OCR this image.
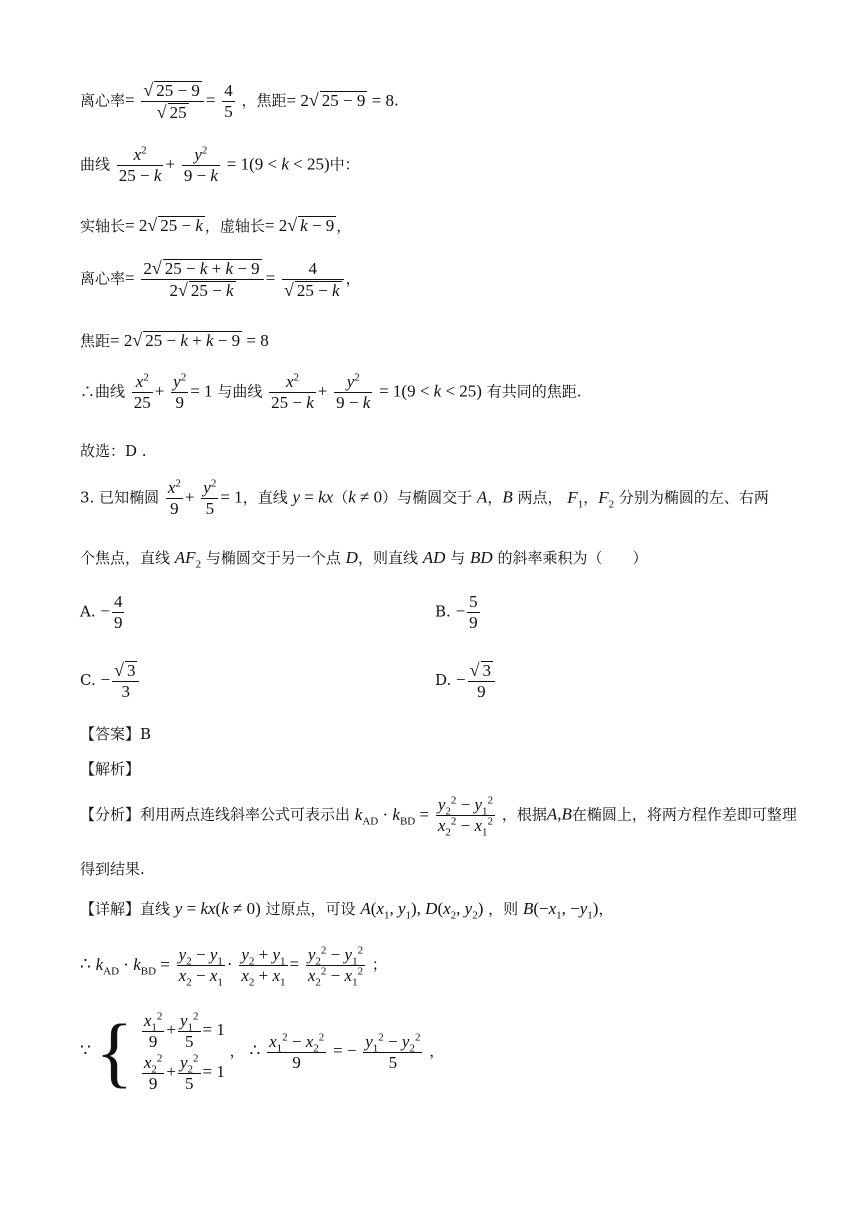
离心率= $\frac{√ 25 - 9}{√ 25} = \frac{4}{5}$ ，焦距= 2√ 25 − 9 = 8.
曲线 $\frac{x^2}{25 - k} + \frac{y^2}{9 - k} = 1(9 < k < 25)$中：
实轴长= 2√ 25 − k ，虚轴长= 2√ k − 9 ，
离心率= $\frac{2√ 25 - k + k - 9}{2√ 25 - k} = \frac{4}{√ 25 - k}$ ，
焦距= 2√ 25 − k + k − 9 = 8
∴曲线 $\frac{x^2}{25} + \frac{y^2}{9} = 1$ 与曲线 $\frac{x^2}{25 - k} + \frac{y^2}{9 - k} = 1(9 < k < 25)$ 有共同的焦距.
故选：D .
3. 已知椭圆 $\frac{x^2}{9} + \frac{y^2}{5} = 1$，直线 y = kx（k ≠ 0）与椭圆交于 A，B 两点， $F_1$，$F_2$ 分别为椭圆的左、右两
个焦点，直线 $AF_2$ 与椭圆交于另一个点 D，则直线 AD 与 BD 的斜率乘积为（　　）
A. − $\frac{4}{9}$	B. − $\frac{5}{9}$
C. − $\frac{√ 3}{3}$	D. − $\frac{√ 3}{9}$
【答案】B
【解析】
【分析】利用两点连线斜率公式可表示出 $k_{AD} \cdot k_{BD} = \frac{y_2^2 - y_1^2}{x_2^2 - x_1^2}$ ，根据A,B在椭圆上，将两方程作差即可整理
得到结果.
【详解】直线 y = kx(k ≠ 0) 过原点，可设 $A(x_1$, $y_1$), $D(x_2$, $y_2$) ，则 $B(-x_1$, $-y_1$)，
∴ $k_{AD} \cdot k_{BD} = \frac{y_2 - y_1}{x_2 - x_1} \cdot \frac{y_2 + y_1}{x_2 + x_1} = \frac{y_2^2 - y_1^2}{x_2^2 - x_1^2}$ ；
∵ { $\frac{x_1^2}{9} + \frac{y_1^2}{5} = 1$
$\frac{x_2^2}{9} + \frac{y_2^2}{5} = 1$
， ∴ $\frac{x_1^2 - x_2^2}{9}$ = − $\frac{y_1^2 - y_2^2}{5}$ ，
